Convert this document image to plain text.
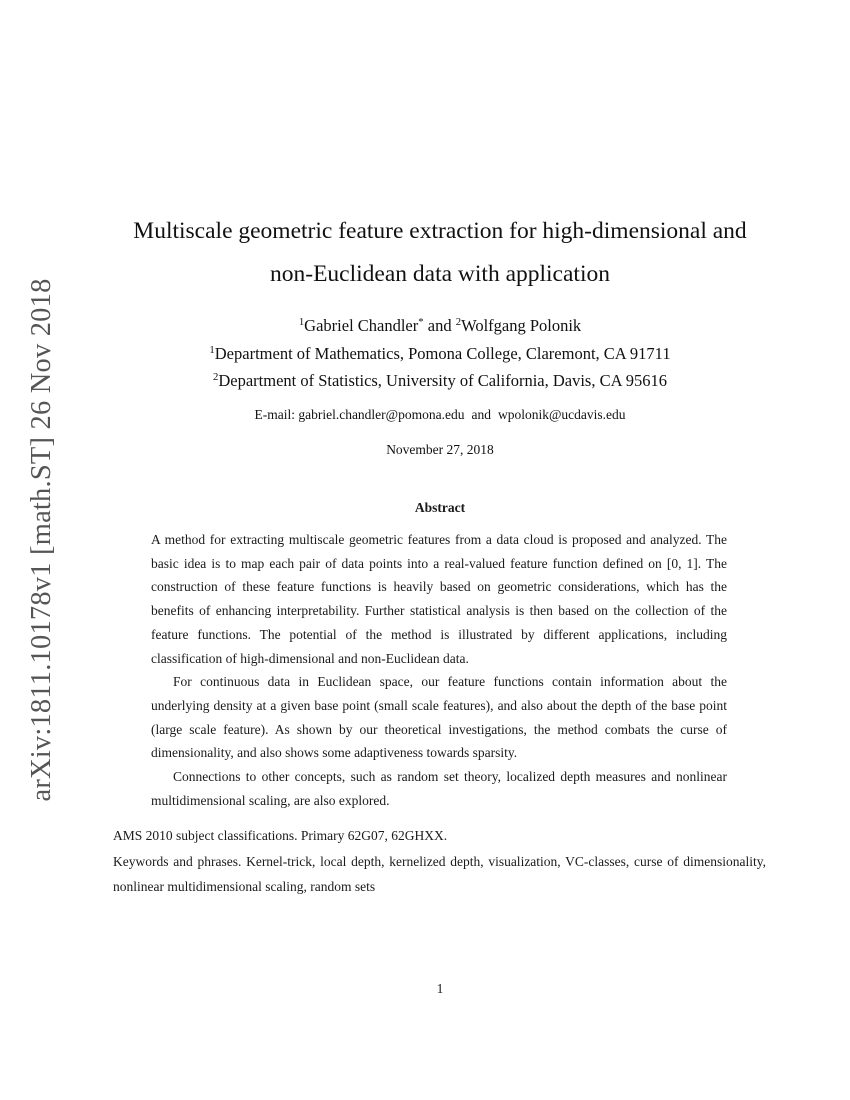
arXiv:1811.10178v1 [math.ST] 26 Nov 2018
Multiscale geometric feature extraction for high-dimensional and
non-Euclidean data with application
$^1$Gabriel Chandler* and $^2$Wolfgang Polonik
$^1$Department of Mathematics, Pomona College, Claremont, CA 91711
$^2$Department of Statistics, University of California, Davis, CA 95616
E-mail: gabriel.chandler@pomona.edu and wpolonik@ucdavis.edu
November 27, 2018
Abstract

A method for extracting multiscale geometric features from a data cloud is proposed and analyzed. The basic idea is to map each pair of data points into a real-valued feature function defined on [0, 1]. The construction of these feature functions is heavily based on geometric considerations, which has the benefits of enhancing interpretability. Further statistical analysis is then based on the collection of the feature functions. The potential of the method is illustrated by different applications, including classification of high-dimensional and non-Euclidean data.

For continuous data in Euclidean space, our feature functions contain information about the underlying density at a given base point (small scale features), and also about the depth of the base point (large scale feature). As shown by our theoretical investigations, the method combats the curse of dimensionality, and also shows some adaptiveness towards sparsity.

Connections to other concepts, such as random set theory, localized depth measures and nonlinear multidimensional scaling, are also explored.

AMS 2010 subject classifications. Primary 62G07, 62GHXX.
Keywords and phrases. Kernel-trick, local depth, kernelized depth, visualization, VC-classes, curse of dimensionality, nonlinear multidimensional scaling, random sets
1
